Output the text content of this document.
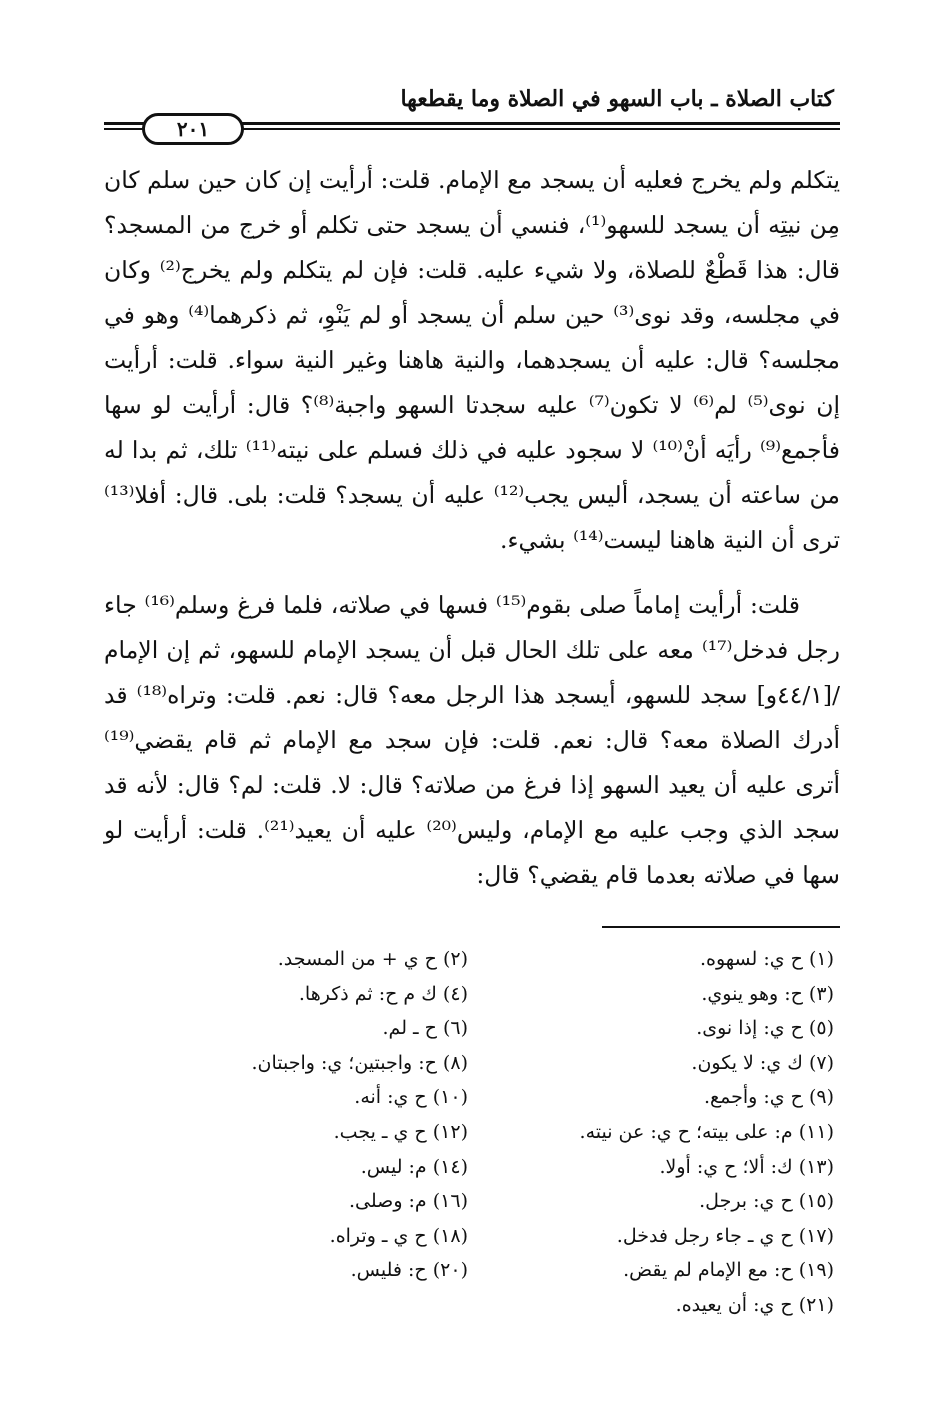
كتاب الصلاة ـ باب السهو في الصلاة وما يقطعها
٢٠١

يتكلم ولم يخرج فعليه أن يسجد مع الإمام. قلت: أرأيت إن كان حين سلم كان مِن نيتِه أن يسجد للسهو⁽¹⁾، فنسي أن يسجد حتى تكلم أو خرج من المسجد؟ قال: هذا قَطْعٌ للصلاة، ولا شيء عليه. قلت: فإن لم يتكلم ولم يخرج⁽²⁾ وكان في مجلسه، وقد نوى⁽³⁾ حين سلم أن يسجد أو لم يَنْوِ، ثم ذكرهما⁽⁴⁾ وهو في مجلسه؟ قال: عليه أن يسجدهما، والنية هاهنا وغير النية سواء. قلت: أرأيت إن نوى⁽⁵⁾ لم⁽⁶⁾ لا تكون⁽⁷⁾ عليه سجدتا السهو واجبة⁽⁸⁾؟ قال: أرأيت لو سها فأجمع⁽⁹⁾ رأيَه أنْ⁽¹⁰⁾ لا سجود عليه في ذلك فسلم على نيته⁽¹¹⁾ تلك، ثم بدا له من ساعته أن يسجد، أليس يجب⁽¹²⁾ عليه أن يسجد؟ قلت: بلى. قال: أفلا⁽¹³⁾ ترى أن النية هاهنا ليست⁽¹⁴⁾ بشيء.

قلت: أرأيت إماماً صلى بقوم⁽¹⁵⁾ فسها في صلاته، فلما فرغ وسلم⁽¹⁶⁾ جاء رجل فدخل⁽¹⁷⁾ معه على تلك الحال قبل أن يسجد الإمام للسهو، ثم إن الإمام /[٤٤/١و] سجد للسهو، أيسجد هذا الرجل معه؟ قال: نعم. قلت: وتراه⁽¹⁸⁾ قد أدرك الصلاة معه؟ قال: نعم. قلت: فإن سجد مع الإمام ثم قام يقضي⁽¹⁹⁾ أترى عليه أن يعيد السهو إذا فرغ من صلاته؟ قال: لا. قلت: لم؟ قال: لأنه قد سجد الذي وجب عليه مع الإمام، وليس⁽²⁰⁾ عليه أن يعيد⁽²¹⁾. قلت: أرأيت لو سها في صلاته بعدما قام يقضي؟ قال:

(١) ح ي: لسهوه.
(٣) ح: وهو ينوي.
(٥) ح ي: إذا نوى.
(٧) ك ي: لا يكون.
(٩) ح ي: وأجمع.
(١١) م: على بيته؛ ح ي: عن نيته.
(١٣) ك: ألا؛ ح ي: أولا.
(١٥) ح ي: برجل.
(١٧) ح ي ـ جاء رجل فدخل.
(١٩) ح: مع الإمام لم يقض.
(٢١) ح ي: أن يعيده.
(٢) ح ي + من المسجد.
(٤) ك م ح: ثم ذكرها.
(٦) ح ـ لم.
(٨) ح: واجبتين؛ ي: واجبتان.
(١٠) ح ي: أنه.
(١٢) ح ي ـ يجب.
(١٤) م: ليس.
(١٦) م: وصلى.
(١٨) ح ي ـ وتراه.
(٢٠) ح: فليس.
